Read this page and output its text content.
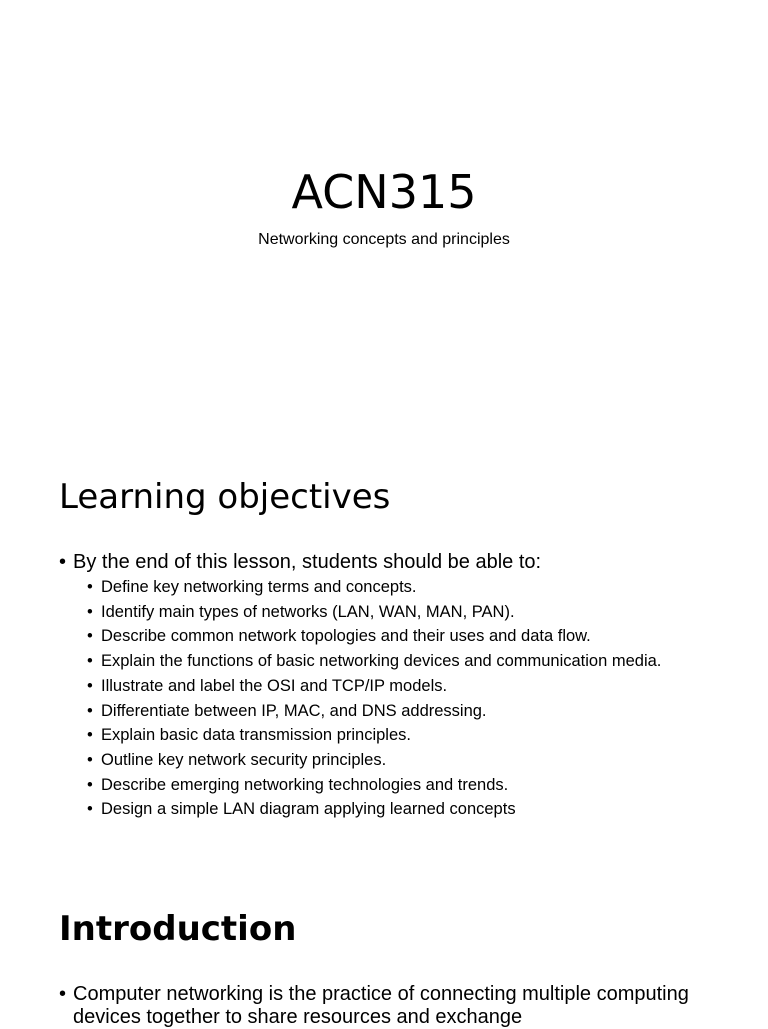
ACN315

Networking concepts and principles

Learning objectives
• By the end of this lesson, students should be able to:
• Define key networking terms and concepts.
• Identify main types of networks (LAN, WAN, MAN, PAN).
• Describe common network topologies and their uses and data flow.
• Explain the functions of basic networking devices and communication media.
• Illustrate and label the OSI and TCP/IP models.
• Differentiate between IP, MAC, and DNS addressing.
• Explain basic data transmission principles.
• Outline key network security principles.
• Describe emerging networking technologies and trends.
• Design a simple LAN diagram applying learned concepts
Introduction
• Computer networking is the practice of connecting multiple computing devices together to share resources and exchange
